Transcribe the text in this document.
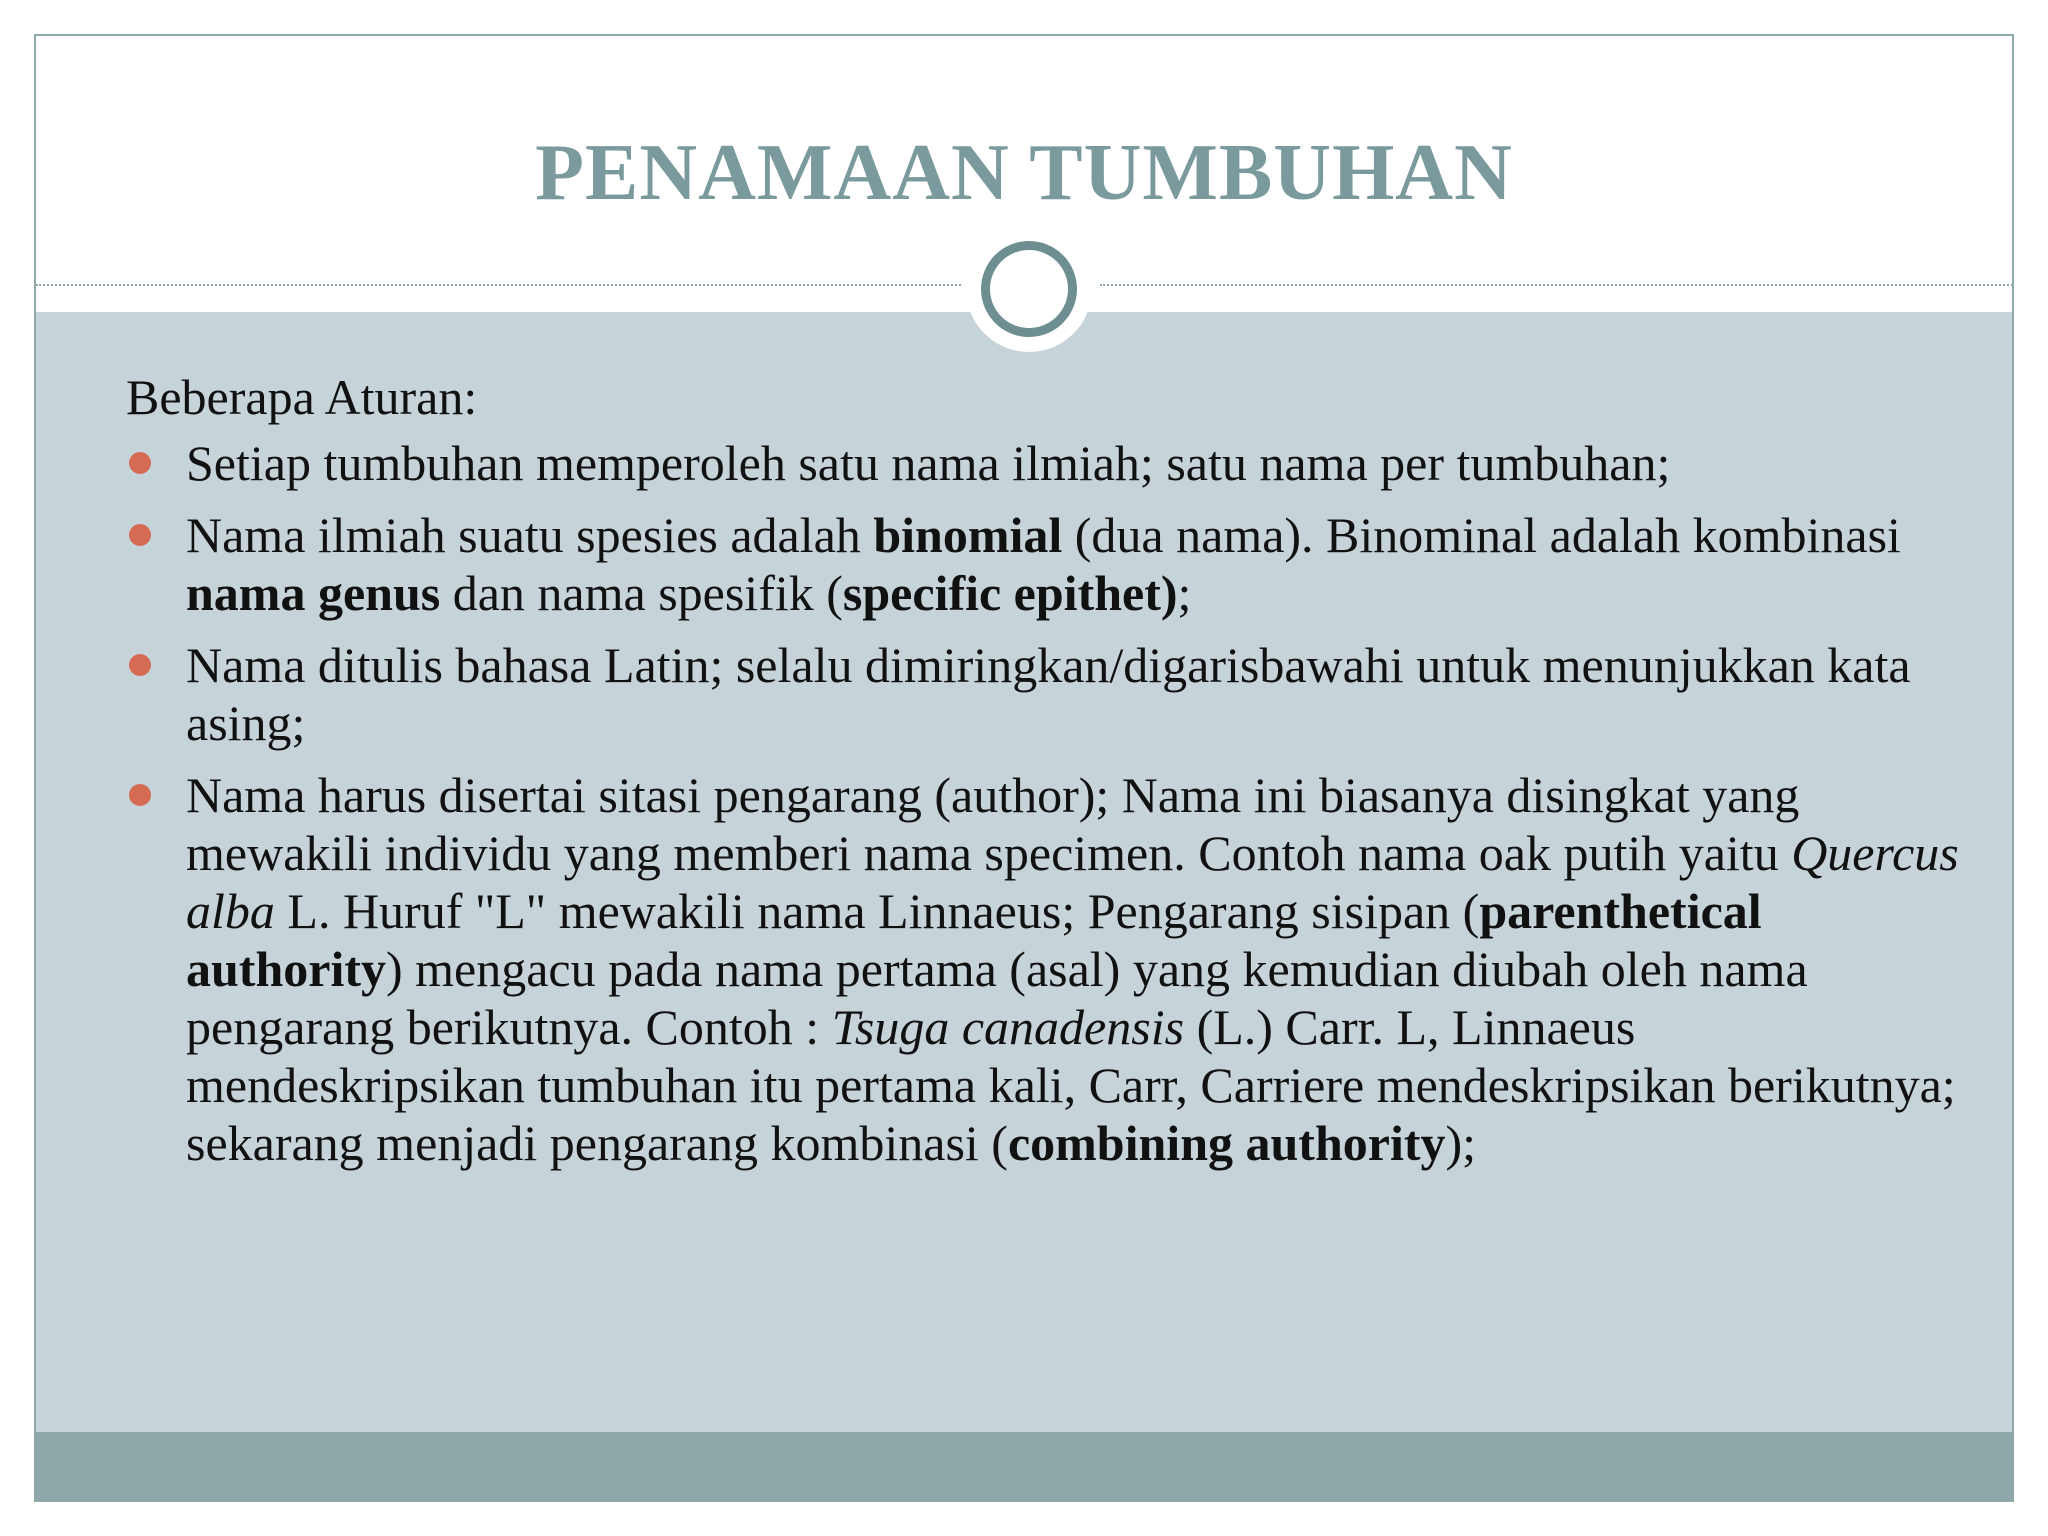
PENAMAAN TUMBUHAN

Beberapa Aturan:

Setiap tumbuhan memperoleh satu nama ilmiah; satu nama per tumbuhan;
Nama ilmiah suatu spesies adalah binomial (dua nama). Binominal adalah kombinasi nama genus dan nama spesifik (specific epithet);
Nama ditulis bahasa Latin; selalu dimiringkan/digarisbawahi untuk menunjukkan kata asing;
Nama harus disertai sitasi pengarang (author); Nama ini biasanya disingkat yang mewakili individu yang memberi nama specimen. Contoh nama oak putih yaitu Quercus alba L. Huruf "L" mewakili nama Linnaeus; Pengarang sisipan (parenthetical authority) mengacu pada nama pertama (asal) yang kemudian diubah oleh nama pengarang berikutnya. Contoh : Tsuga canadensis (L.) Carr. L, Linnaeus mendeskripsikan tumbuhan itu pertama kali, Carr, Carriere mendeskripsikan berikutnya; sekarang menjadi pengarang kombinasi (combining authority);
